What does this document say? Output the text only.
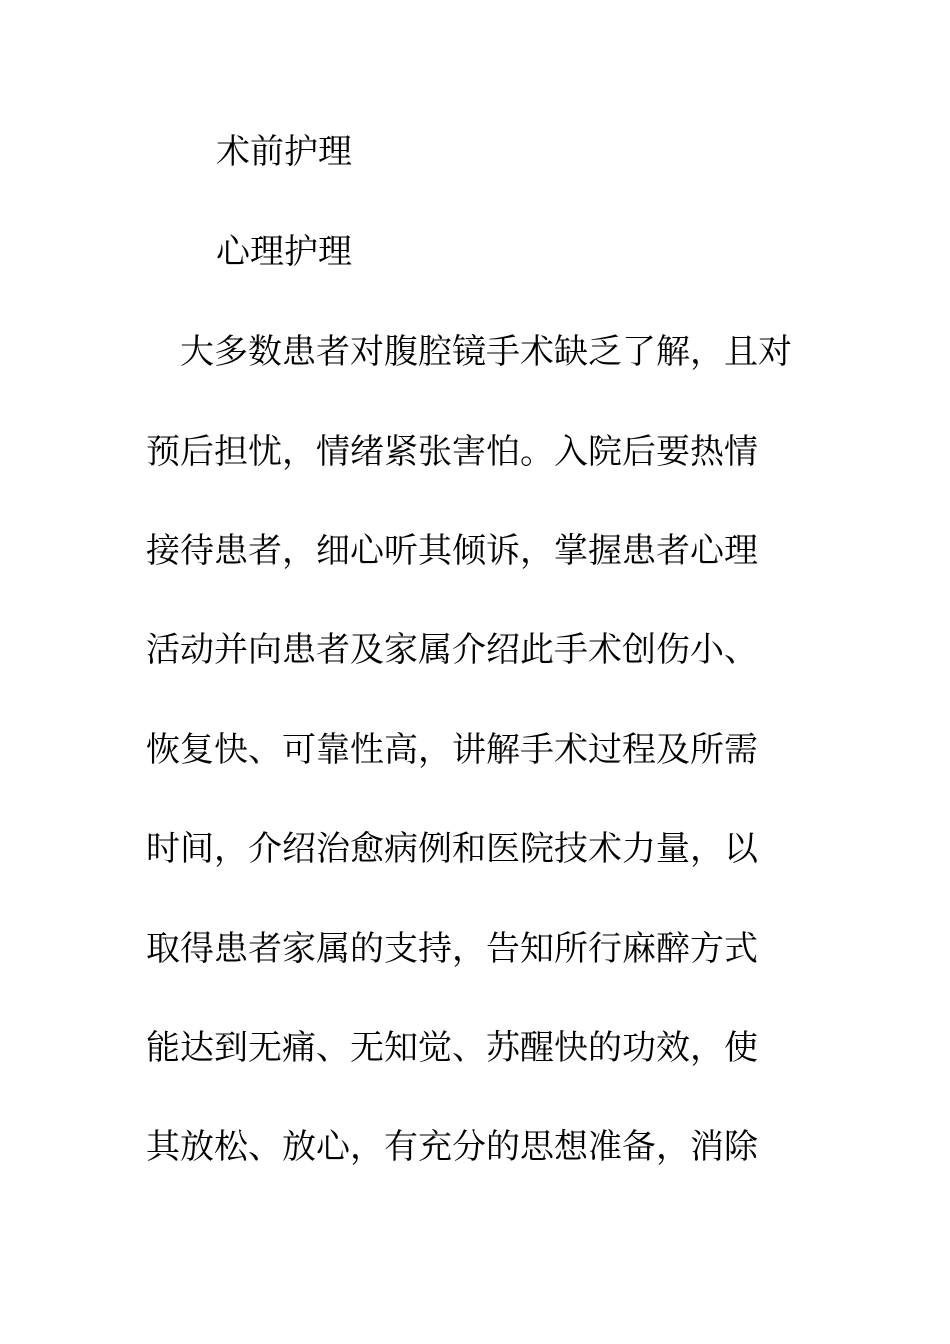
术前护理
心理护理
　大多数患者对腹腔镜手术缺乏了解，且对
预后担忧，情绪紧张害怕。入院后要热情
接待患者，细心听其倾诉，掌握患者心理
活动并向患者及家属介绍此手术创伤小、
恢复快、可靠性高，讲解手术过程及所需
时间，介绍治愈病例和医院技术力量，以
取得患者家属的支持，告知所行麻醉方式
能达到无痛、无知觉、苏醒快的功效，使
其放松、放心，有充分的思想准备，消除
